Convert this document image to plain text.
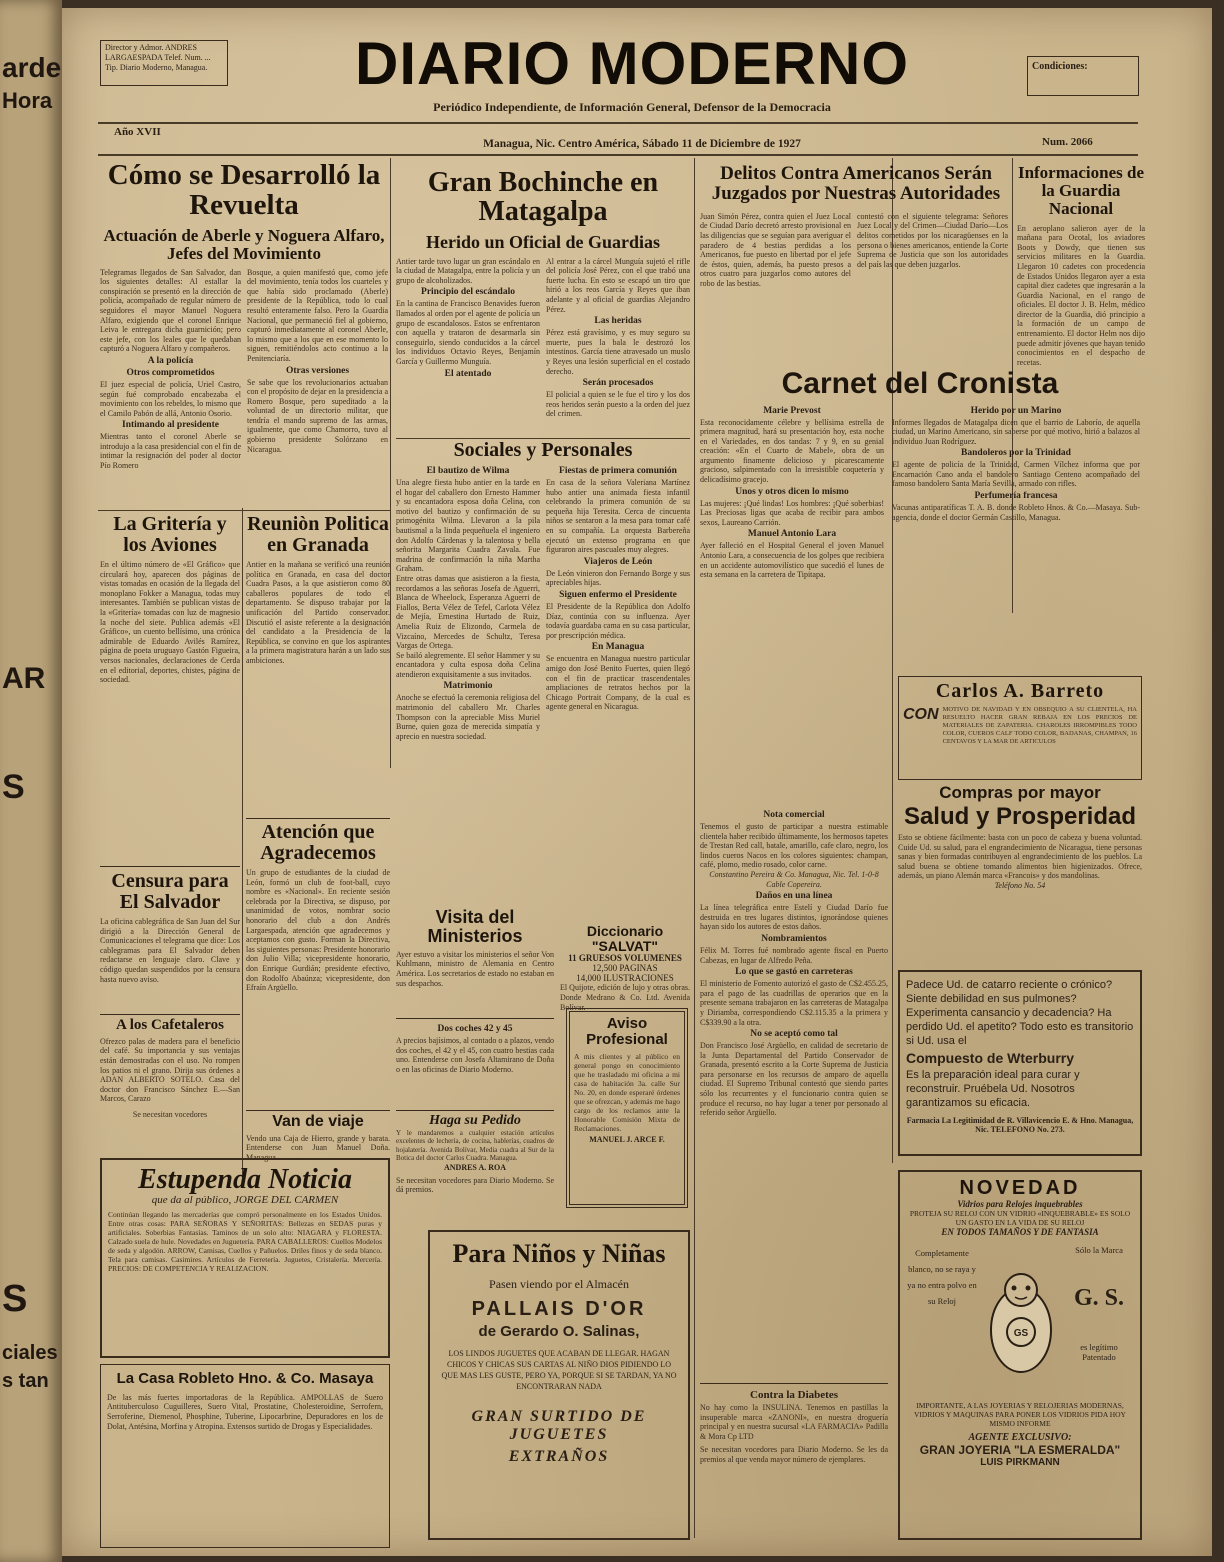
arde
Hora
AR
S
S
ciales
s tan
Director y Admor. ANDRES LARGAESPADA Telef. Num. ... Tip. Diario Moderno, Managua.	DIARIO MODERNO
Periódico Independiente, de Información General, Defensor de la Democracia
Condiciones:
Año XVII
Managua, Nic. Centro América, Sábado 11 de Diciembre de 1927	Num. 2066
Cómo se Desarrolló la Revuelta
Actuación de Aberle y Noguera Alfaro, Jefes del Movimiento

Telegramas llegados de San Salvador, dan los siguientes detalles: Al estallar la conspiración se presentó en la dirección de policía, acompañado de regular número de seguidores el mayor Manuel Noguera Alfaro, exigiendo que el coronel Enrique Leiva le entregara dicha guarnición; pero este jefe, con los leales que le quedaban capturó a Noguera Alfaro y compañeros.

A la policía
Otros comprometidos

El juez especial de policía, Uriel Castro, según fué comprobado encabezaba el movimiento con los rebeldes, lo mismo que el Camilo Pabón de allá, Antonio Osorio.

Intimando al presidente

Mientras tanto el coronel Aberle se introdujo a la casa presidencial con el fin de intimar la resignación del poder al doctor Pío Romero

Bosque, a quien manifestó que, como jefe del movimiento, tenía todos los cuarteles y que había sido proclamado (Aberle) presidente de la República, todo lo cual resultó enteramente falso. Pero la Guardia Nacional, que permaneció fiel al gobierno, capturó inmediatamente al coronel Aberle, lo mismo que a los que en ese momento lo siguen, remitiéndolos acto continuo a la Penitenciaría.

Otras versiones

Se sabe que los revolucionarios actuaban con el propósito de dejar en la presidencia a Romero Bosque, pero supeditado a la voluntad de un directorio militar, que tendría el mando supremo de las armas, igualmente, que como Chamorro, tuvo al gobierno presidente Solórzano en Nicaragua.

Gran Bochinche en Matagalpa
Herido un Oficial de Guardias

Antier tarde tuvo lugar un gran escándalo en la ciudad de Matagalpa, entre la policía y un grupo de alcoholizados.

Principio del escándalo

En la cantina de Francisco Benavides fueron llamados al orden por el agente de policía un grupo de escandalosos. Estos se enfrentaron con aquella y trataron de desarmarla sin conseguirlo, siendo conducidos a la cárcel los individuos Octavio Reyes, Benjamín García y Guillermo Munguía.

El atentado

Al entrar a la cárcel Munguía sujetó el rifle del policía José Pérez, con el que trabó una fuerte lucha. En esto se escapó un tiro que hirió a los reos García y Reyes que iban adelante y al oficial de guardias Alejandro Pérez.

Las heridas

Pérez está gravísimo, y es muy seguro su muerte, pues la bala le destrozó los intestinos. García tiene atravesado un muslo y Reyes una lesión superficial en el costado derecho.

Serán procesados

El policial a quien se le fue el tiro y los dos reos heridos serán puesto a la orden del juez del crimen.

Delitos Contra Americanos Serán Juzgados por Nuestras Autoridades

Juan Simón Pérez, contra quien el Juez Local de Ciudad Darío decretó arresto provisional en las diligencias que se seguían para averiguar el paradero de 4 bestias perdidas a los Americanos, fue puesto en libertad por el jefe de éstos, quien, además, ha puesto presos a otros cuatro para juzgarlos como autores del robo de las bestias.

contestó con el siguiente telegrama: Señores Juez Local y del Crimen—Ciudad Darío—Los delitos cometidos por los nicaragüenses en la persona o bienes americanos, entiende la Corte Suprema de Justicia que son los autoridades del país las que deben juzgarlos.

Informaciones de la Guardia Nacional

En aeroplano salieron ayer de la mañana para Ocotal, los aviadores Boots y Dowdy, que tienen sus servicios militares en la Guardia. Llegaron 10 cadetes con procedencia de Estados Unidos llegaron ayer a esta capital diez cadetes que ingresarán a la Guardia Nacional, en el rango de oficiales. El doctor J. B. Helm, médico director de la Guardia, dió principio a la formación de un campo de entrenamiento. El doctor Helm nos dijo puede admitir jóvenes que hayan tenido conocimientos en el despacho de recetas.

Sociales y Personales
El bautizo de Wilma

Una alegre fiesta hubo antier en la tarde en el hogar del caballero don Ernesto Hammer y su encantadora esposa doña Celina, con motivo del bautizo y confirmación de su primogénita Wilma. Llevaron a la pila bautismal a la linda pequeñuela el ingeniero don Adolfo Cárdenas y la talentosa y bella señorita Margarita Cuadra Zavala. Fue madrina de confirmación la niña Martha Graham.

Entre otras damas que asistieron a la fiesta, recordamos a las señoras Josefa de Aguerri, Blanca de Wheelock, Esperanza Aguerri de Fiallos, Berta Vélez de Tefel, Carlota Vélez de Mejía, Ernestina Hurtado de Ruiz, Amelia Ruiz de Elizondo, Carmela de Vizcaíno, Mercedes de Schultz, Teresa Vargas de Ortega.

Se bailó alegremente. El señor Hammer y su encantadora y culta esposa doña Celina atendieron exquisitamente a sus invitados.

Matrimonio

Anoche se efectuó la ceremonia religiosa del matrimonio del caballero Mr. Charles Thompson con la apreciable Miss Muriel Burne, quien goza de merecida simpatía y aprecio en nuestra sociedad.

Fiestas de primera comunión

En casa de la señora Valeriana Martínez hubo antier una animada fiesta infantil celebrando la primera comunión de su pequeña hija Teresita. Cerca de cincuenta niños se sentaron a la mesa para tomar café en su compañía. La orquesta Barbereña ejecutó un extenso programa en que figuraron aires pascuales muy alegres.

Viajeros de León

De León vinieron don Fernando Borge y sus apreciables hijas.

Siguen enfermo el Presidente

El Presidente de la República don Adolfo Díaz, continúa con su influenza. Ayer todavía guardaba cama en su casa particular, por prescripción médica.

En Managua

Se encuentra en Managua nuestro particular amigo don José Benito Fuertes, quien llegó con el fin de practicar trascendentales ampliaciones de retratos hechos por la Chicago Portrait Company, de la cual es agente general en Nicaragua.

Carnet del Cronista
Marie Prevost

Esta reconocidamente célebre y bellísima estrella de primera magnitud, hará su presentación hoy, esta noche en el Variedades, en dos tandas: 7 y 9, en su genial creación: «En el Cuarto de Mabel», obra de un argumento finamente delicioso y picarescamente gracioso, salpimentado con la irresistible coquetería y delicadísimo gracejo.

Unos y otros dicen lo mismo

Las mujeres: ¡Qué lindas! Los hombres: ¡Qué soberbias! Las Preciosas ligas que acaba de recibir para ambos sexos, Laureano Carrión.

Manuel Antonio Lara

Ayer falleció en el Hospital General el joven Manuel Antonio Lara, a consecuencia de los golpes que recibiera en un accidente automovilístico que sucedió el lunes de esta semana en la carretera de Tipitapa.

Herido por un Marino

Informes llegados de Matagalpa dicen que el barrio de Laborío, de aquella ciudad, un Marino Americano, sin saberse por qué motivo, hirió a balazos al individuo Juan Rodríguez.

Bandoleros por la Trinidad

El agente de policía de la Trinidad, Carmen Vílchez informa que por Encarnación Cano anda el bandolero Santiago Centeno acompañado del famoso bandolero Santa María Sevilla, armado con rifles.

Perfumería francesa

Vacunas antiparatíficas T. A. B. donde Robleto Hnos. & Co.—Masaya. Sub-agencia, donde el doctor Germán Castillo, Managua.

Nota comercial

Tenemos el gusto de participar a nuestra estimable clientela haber recibido últimamente, los hermosos tapetes de Trestan Red call, batale, amarillo, cafe claro, negro, los lindos cueros Nacos en los colores siguientes: champan, café, plomo, medio rosado, color carne.

Constantino Pereira & Co. Managua, Nic. Tel. 1-0-8 Cable Copereira.

Daños en una línea

La línea telegráfica entre Estelí y Ciudad Darío fue destruida en tres lugares distintos, ignorándose quienes hayan sido los autores de estos daños.

Nombramientos

Félix M. Torres fué nombrado agente fiscal en Puerto Cabezas, en lugar de Alfredo Peña.

Lo que se gastó en carreteras

El ministerio de Fomento autorizó el gasto de C$2.455.25, para el pago de las cuadrillas de operarios que en la presente semana trabajaron en las carreteras de Matagalpa y Diriamba, correspondiendo C$2.115.35 a la primera y C$339.90 a la otra.

No se aceptó como tal

Don Francisco José Argüello, en calidad de secretario de la Junta Departamental del Partido Conservador de Granada, presentó escrito a la Corte Suprema de Justicia para personarse en los recursos de amparo de aquella ciudad. El Supremo Tribunal contestó que siendo partes sólo los recurrentes y el funcionario contra quien se produce el recurso, no hay lugar a tener por personado al referido señor Argüello.

Contra la Diabetes

No hay como la INSULINA. Tenemos en pastillas la insuperable marca «ZANONI», en nuestra droguería principal y en nuestra sucursal «LA FARMACIA» Padilla & Mora Cp LTD

Se necesitan vocedores para Diario Moderno. Se les da premios al que venda mayor número de ejemplares.

La Gritería y los Aviones

En el último número de «El Gráfico» que circulará hoy, aparecen dos páginas de vistas tomadas en ocasión de la llegada del monoplano Fokker a Managua, todas muy interesantes. También se publican vistas de la «Gritería» tomadas con luz de magnesio la noche del siete. Publica además «El Gráfico», un cuento bellísimo, una crónica admirable de Eduardo Avilés Ramírez, página de poeta uruguayo Gastón Figueira, versos nacionales, declaraciones de Cerda en el editorial, deportes, chistes, página de sociedad.

Reuniòn Politica en Granada

Antier en la mañana se verificó una reunión política en Granada, en casa del doctor Cuadra Pasos, a la que asistieron como 80 caballeros populares de todo el departamento. Se dispuso trabajar por la unificación del Partido conservador. Discutió el asiste referente a la designación del candidato a la Presidencia de la República, se convino en que los aspirantes a la primera magistratura harán a un lado sus ambiciones.

Censura para El Salvador

La oficina cablegráfica de San Juan del Sur dirigió a la Dirección General de Comunicaciones el telegrama que dice: Los cablegramas para El Salvador deben redactarse en lenguaje claro. Clave y código quedan suspendidos por la censura hasta nuevo aviso.

A los Cafetaleros

Ofrezco palas de madera para el beneficio del café. Su importancia y sus ventajas están demostradas con el uso. No rompen los patios ni el grano. Dirija sus órdenes a ADAN ALBERTO SOTELO. Casa del doctor don Francisco Sánchez E.—San Marcos, Carazo

Se necesitan vocedores

Atención que Agradecemos

Un grupo de estudiantes de la ciudad de León, formó un club de foot-ball, cuyo nombre es «Nacional». En reciente sesión celebrada por la Directiva, se dispuso, por unanimidad de votos, nombrar socio honorario del club a don Andrés Largaespada, atención que agradecemos y aceptamos con gusto. Forman la Directiva, las siguientes personas: Presidente honorario don Julio Villa; vicepresidente honorario, don Enrique Gurdián; presidente efectivo, don Rodolfo Abaúnza; vicepresidente, don Efraín Argüello.

Van de viaje

Vendo una Caja de Hierro, grande y barata. Entenderse con Juan Manuel Doña. Managua.

Visita del Ministerios

Ayer estuvo a visitar los ministerios el señor Von Kuhlmann, ministro de Alemania en Centro América. Los secretarios de estado no estaban en sus despachos.

Dos coches 42 y 45

A precios bajísimos, al contado o a plazos, vendo dos coches, el 42 y el 45, con cuatro bestias cada uno. Entenderse con Josefa Altamirano de Doña o en las oficinas de Diario Moderno.

Haga su Pedido

Y le mandaremos a cualquier estación artículos excelentes de lechería, de cocina, hablerías, cuadros de hojalatería. Avenida Bolívar, Media cuadra al Sur de la Botica del doctor Carlos Cuadra. Managua.

ANDRES A. ROA

Se necesitan vocedores para Diario Moderno. Se dá premios.

Diccionario "SALVAT"
11 GRUESOS VOLUMENES
12,500 PAGINAS
14,000 ILUSTRACIONES

El Quijote, edición de lujo y otras obras. Donde Medrano & Co. Ltd. Avenida Bolívar.

Aviso Profesional

A mis clientes y al público en general pongo en conocimiento que he trasladado mi oficina a mi casa de habitación 3a. calle Sur No. 20, en donde esperaré órdenes que se ofrezcan, y además me hago cargo de los reclamos ante la Honorable Comisión Mixta de Reclamaciones.

MANUEL J. ARCE F.
Estupenda Noticia
que da al público, JORGE DEL CARMEN

Continúan llegando las mercaderías que compró personalmente en los Estados Unidos. Entre otras cosas: PARA SEÑORAS Y SEÑORITAS: Bellezas en SEDAS puras y artificiales. Soberbias Fantasías. Taminos de un solo alto: NIAGARA y FLORESTA. Calzado suela de hule. Novedades en Juguetería. PARA CABALLEROS: Cuellos Modelos de seda y algodón. ARROW, Camisas, Cuellos y Pañuelos. Driles finos y de seda blanco. Tela para camisas. Casimires. Artículos de Ferretería. Juguetes, Cristalería. Mercería. PRECIOS: DE COMPETENCIA Y REALIZACION.

La Casa Robleto Hno. & Co. Masaya

De las más fuertes importadoras de la República. AMPOLLAS de Suero Antituberculoso Cuguilleres, Suero Vital, Prostatine, Cholesteroidine, Serrofern, Serroferine, Diemenol, Phosphine, Tuberine, Lipocarbrine, Depuradores en los de Dolat, Antésina, Morfina y Atropina. Extensos surtido de Drogas y Especialidades.

Para Niños y Niñas
Pasen viendo por el Almacén
PALLAIS D'OR
de Gerardo O. Salinas,
LOS LINDOS JUGUETES QUE ACABAN DE LLEGAR. HAGAN CHICOS Y CHICAS SUS CARTAS AL NIÑO DIOS PIDIENDO LO QUE MAS LES GUSTE, PERO YA, PORQUE SI SE TARDAN, YA NO ENCONTRARAN NADA
GRAN SURTIDO DE JUGUETES
EXTRAÑOS
Carlos A. Barreto
CON MOTIVO DE NAVIDAD Y EN OBSEQUIO A SU CLIENTELA, HA RESUELTO HACER GRAN REBAJA EN LOS PRECIOS DE MATERIALES DE ZAPATERIA. CHAROLES IRROMPIBLES TODO COLOR, CUEROS CALF TODO COLOR, BADANAS, CHAMPAN, 16 CENTAVOS Y LA MAR DE ARTICULOS

Compras por mayor
Salud y Prosperidad

Esto se obtiene fácilmente: basta con un poco de cabeza y buena voluntad. Cuide Ud. su salud, para el engrandecimiento de Nicaragua, tiene personas sanas y bien formadas contribuyen al engrandecimiento de los pueblos. La salud buena se obtiene tomando alimentos bien higienizados. Ofrece, además, un piano Alemán marca «Francois» y dos mandolinas.

Teléfono No. 54

Padece Ud. de catarro reciente o crónico? Siente debilidad en sus pulmones? Experimenta cansancio y decadencia? Ha perdido Ud. el apetito? Todo esto es transitorio si Ud. usa el

Compuesto de Wterburry

Es la preparación ideal para curar y reconstruir. Pruébela Ud. Nosotros garantizamos su eficacia.

Farmacia La Legitimidad de R. Villavicencio E. & Hno. Managua, Nic. TELEFONO No. 273.
NOVEDAD
Vidrios para Relojes inquebrables
PROTEJA SU RELOJ CON UN VIDRIO «INQUEBRABLE» ES SOLO UN GASTO EN LA VIDA DE SU RELOJ
EN TODOS TAMAÑOS Y DE FANTASIA
Completamente blanco, no se raya y ya no entra polvo en su Reloj
GS
Sólo la Marca
G. S.
es legítimo Patentado
IMPORTANTE, A LAS JOYERIAS Y RELOJERIAS MODERNAS, VIDRIOS Y MAQUINAS PARA PONER LOS VIDRIOS PIDA HOY MISMO INFORME
AGENTE EXCLUSIVO:
GRAN JOYERIA "LA ESMERALDA"
LUIS PIRKMANN
